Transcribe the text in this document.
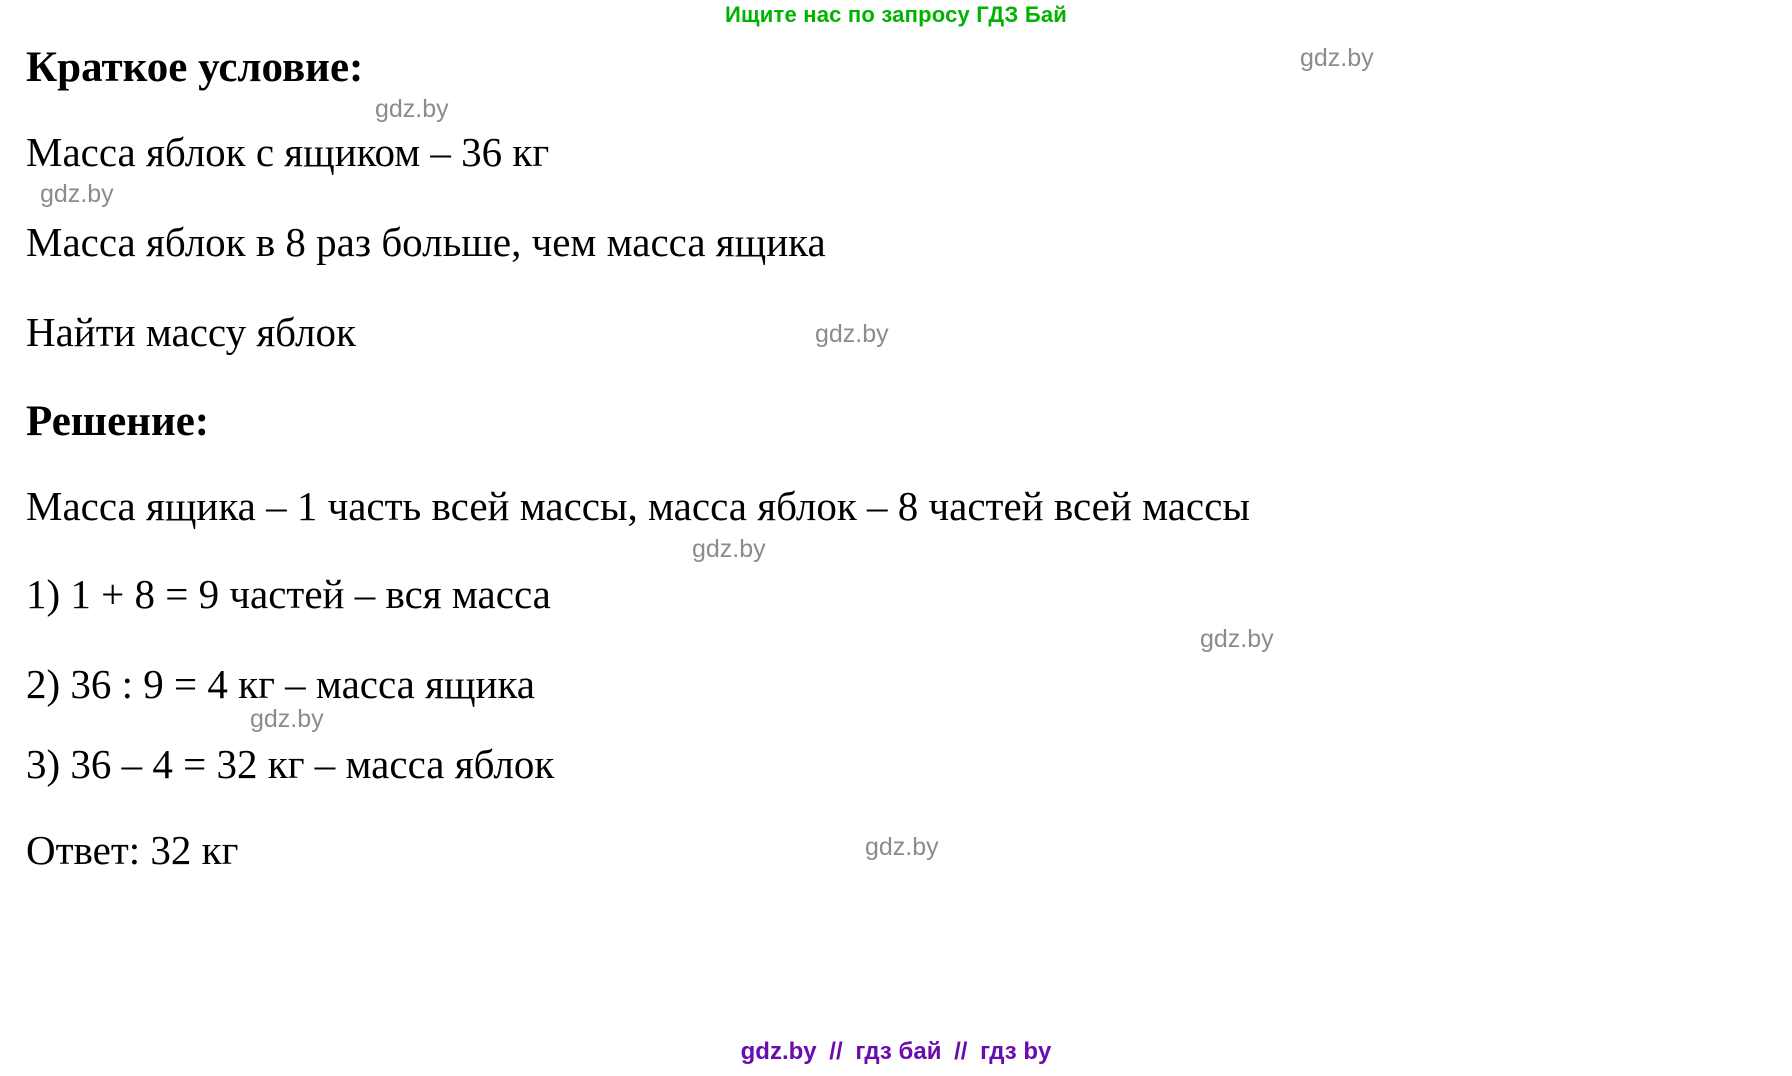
Ищите нас по запросу ГДЗ Бай
Краткое условие:
Масса яблок с ящиком – 36 кг
Масса яблок в 8 раз больше, чем масса ящика
Найти массу яблок
Решение:
Масса ящика – 1 часть всей массы, масса яблок – 8 частей всей массы
1) 1 + 8 = 9 частей – вся масса
2) 36 : 9 = 4 кг – масса ящика
3) 36 – 4 = 32 кг – масса яблок
Ответ: 32 кг
gdz.by
gdz.by
gdz.by
gdz.by
gdz.by
gdz.by
gdz.by
gdz.by
gdz.by // гдз бай // гдз by
